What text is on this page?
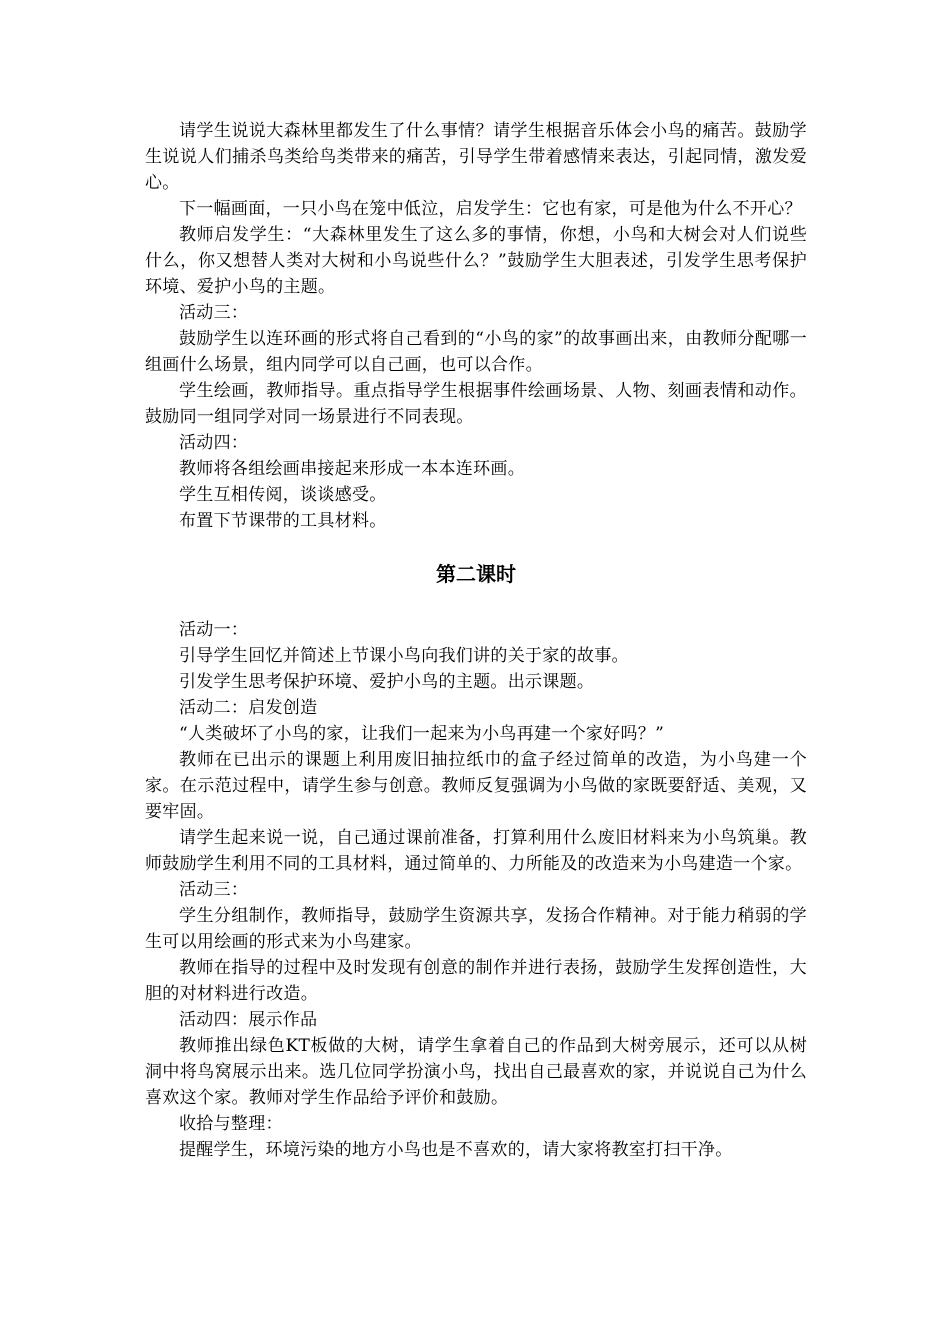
请学生说说大森林里都发生了什么事情？请学生根据音乐体会小鸟的痛苦。鼓励学生说说人们捕杀鸟类给鸟类带来的痛苦，引导学生带着感情来表达，引起同情，激发爱心。

下一幅画面，一只小鸟在笼中低泣，启发学生：它也有家，可是他为什么不开心？

教师启发学生：“大森林里发生了这么多的事情，你想，小鸟和大树会对人们说些什么，你又想替人类对大树和小鸟说些什么？”鼓励学生大胆表述，引发学生思考保护环境、爱护小鸟的主题。

活动三：

鼓励学生以连环画的形式将自己看到的“小鸟的家”的故事画出来，由教师分配哪一组画什么场景，组内同学可以自己画，也可以合作。

学生绘画，教师指导。重点指导学生根据事件绘画场景、人物、刻画表情和动作。鼓励同一组同学对同一场景进行不同表现。

活动四：

教师将各组绘画串接起来形成一本本连环画。

学生互相传阅，谈谈感受。

布置下节课带的工具材料。

第二课时

活动一：

引导学生回忆并简述上节课小鸟向我们讲的关于家的故事。

引发学生思考保护环境、爱护小鸟的主题。出示课题。

活动二：启发创造

“人类破坏了小鸟的家，让我们一起来为小鸟再建一个家好吗？”

教师在已出示的课题上利用废旧抽拉纸巾的盒子经过简单的改造，为小鸟建一个家。在示范过程中，请学生参与创意。教师反复强调为小鸟做的家既要舒适、美观，又要牢固。

请学生起来说一说，自己通过课前准备，打算利用什么废旧材料来为小鸟筑巢。教师鼓励学生利用不同的工具材料，通过简单的、力所能及的改造来为小鸟建造一个家。

活动三：

学生分组制作，教师指导，鼓励学生资源共享，发扬合作精神。对于能力稍弱的学生可以用绘画的形式来为小鸟建家。

教师在指导的过程中及时发现有创意的制作并进行表扬，鼓励学生发挥创造性，大胆的对材料进行改造。

活动四：展示作品

教师推出绿色KT板做的大树，请学生拿着自己的作品到大树旁展示，还可以从树洞中将鸟窝展示出来。选几位同学扮演小鸟，找出自己最喜欢的家，并说说自己为什么喜欢这个家。教师对学生作品给予评价和鼓励。

收拾与整理：

提醒学生，环境污染的地方小鸟也是不喜欢的，请大家将教室打扫干净。
